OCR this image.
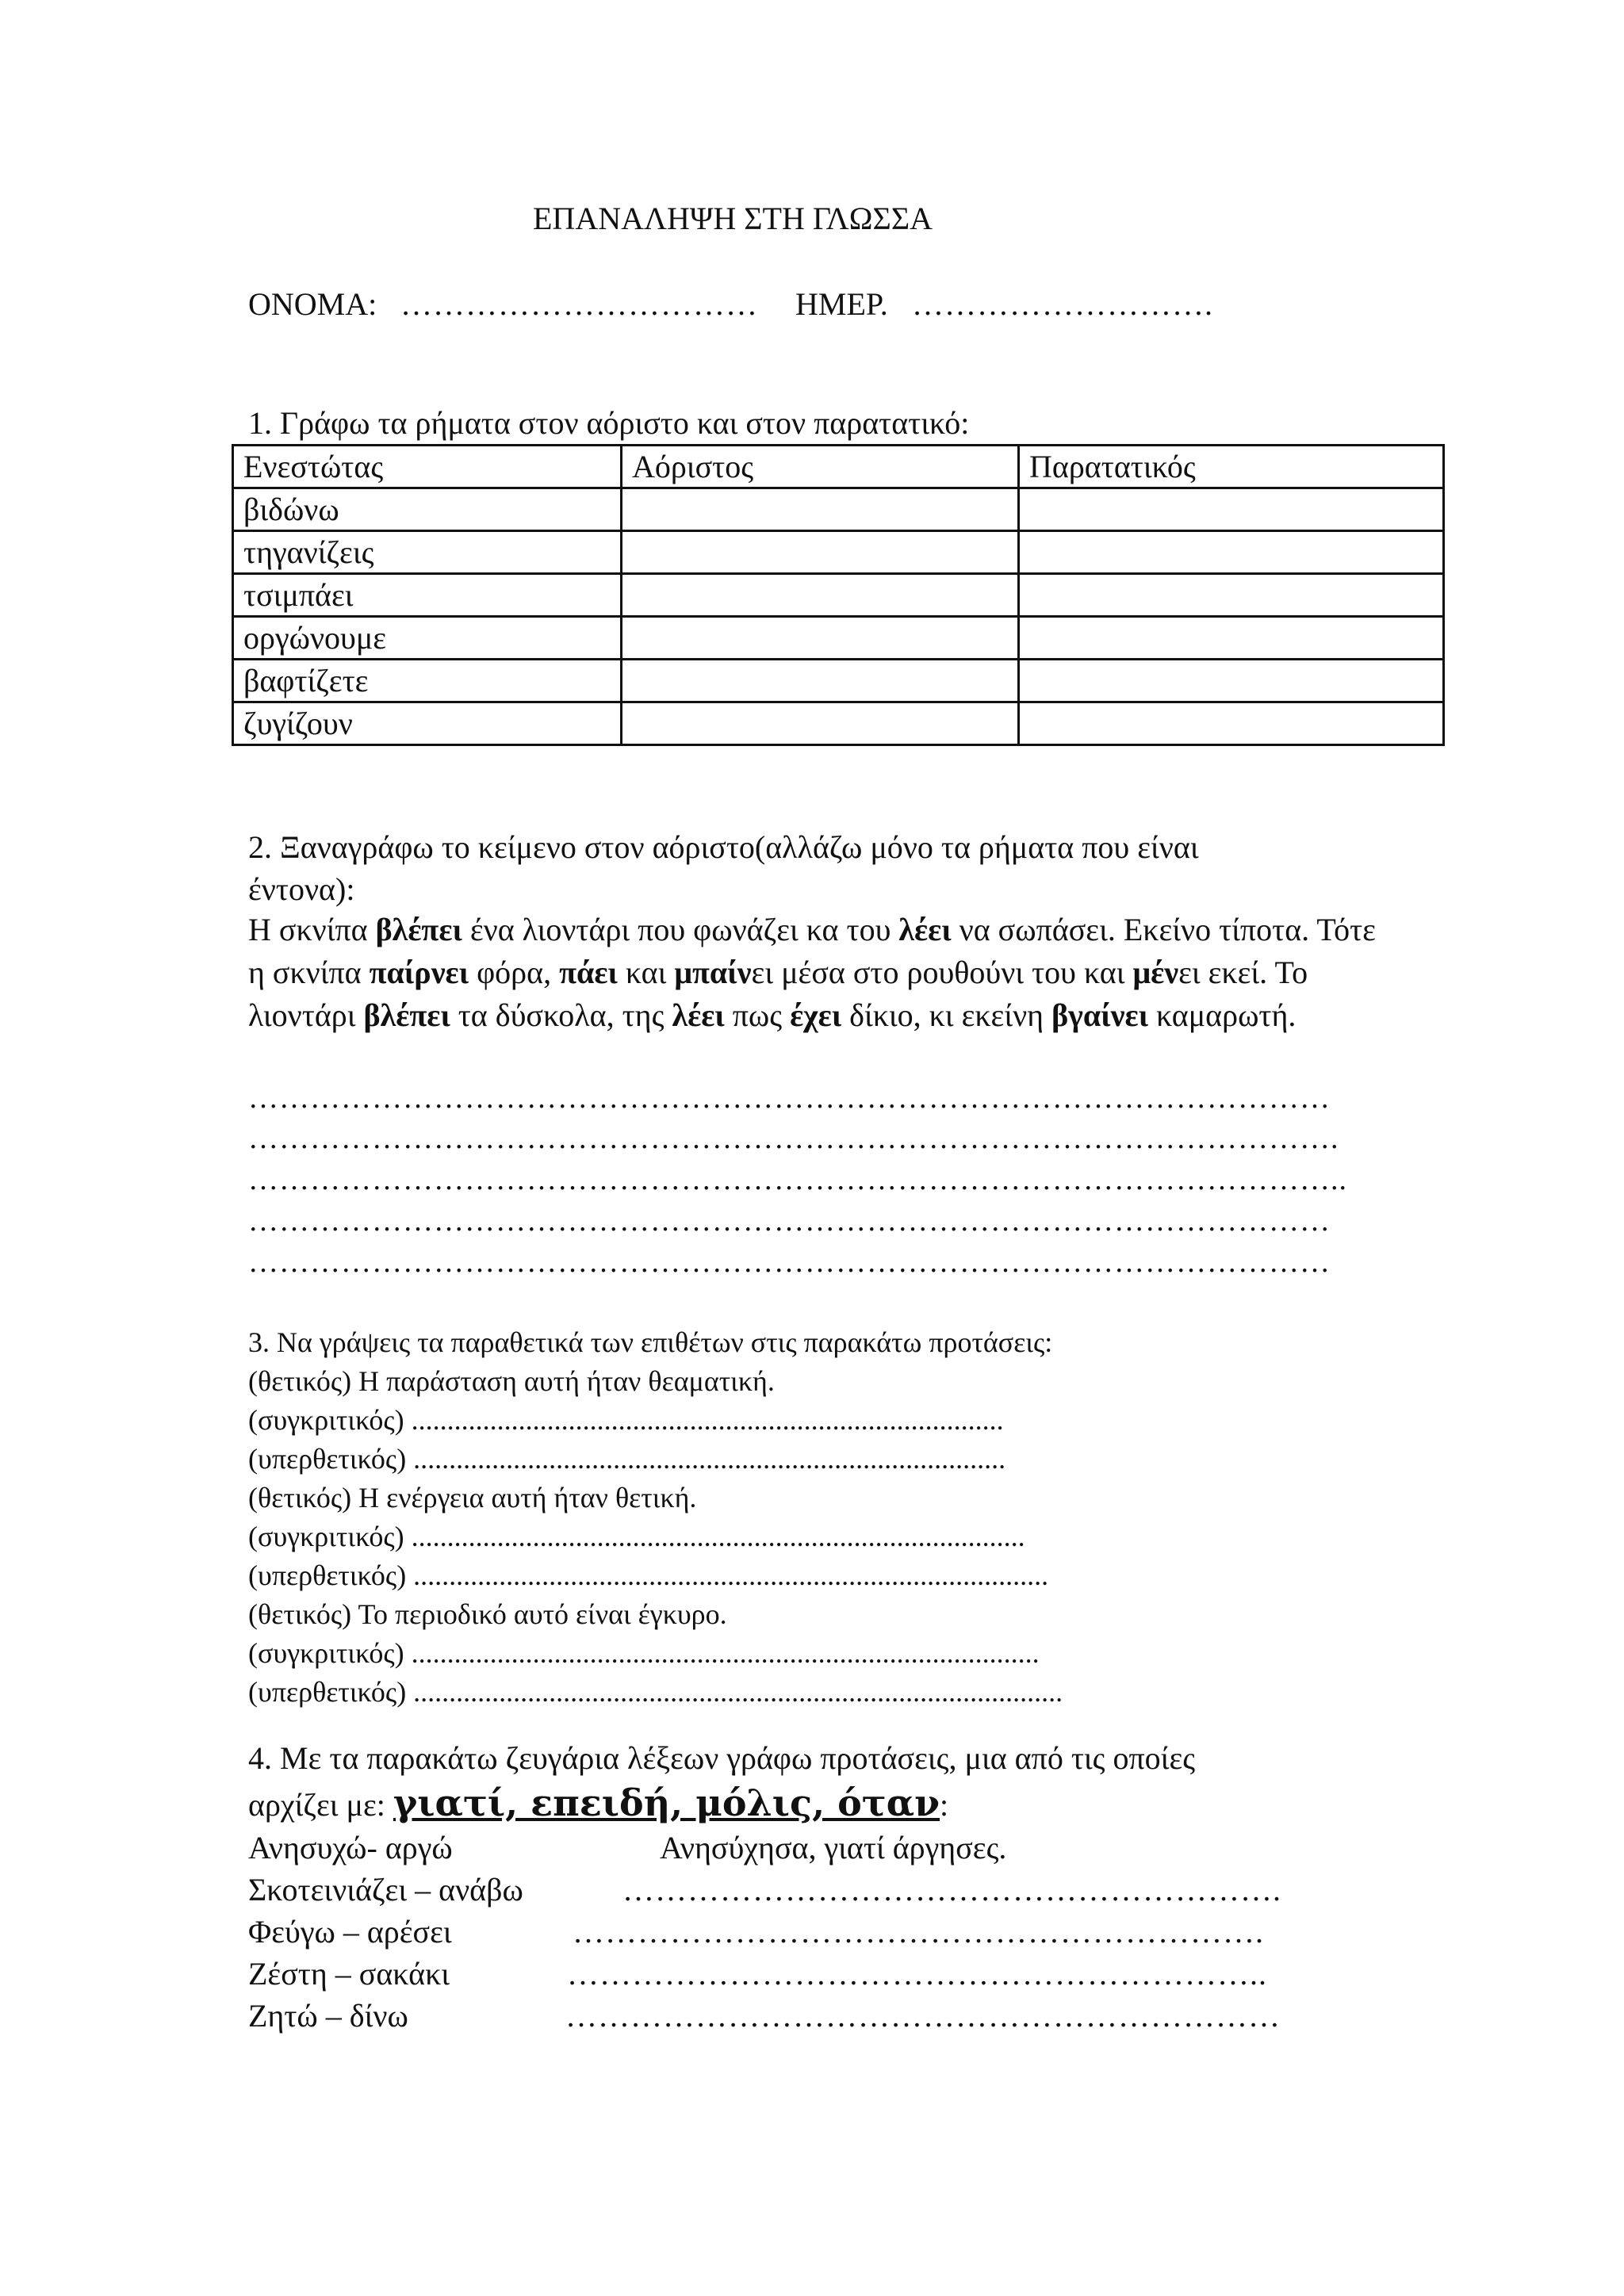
ΕΠΑΝΑΛΗΨΗ ΣΤΗ ΓΛΩΣΣΑ
ΟΝΟΜΑ: …………………………… ΗΜΕΡ. ……………………….
1. Γράφω τα ρήματα στον αόριστο και στον παρατατικό:
Ενεστώτας	Αόριστος	Παρατατικός
βιδώνω		
τηγανίζεις		
τσιμπάει		
οργώνουμε		
βαφτίζετε		
ζυγίζουν		
2. Ξαναγράφω το κείμενο στον αόριστο(αλλάζω μόνο τα ρήματα που είναι
έντονα):
Η σκνίπα βλέπει ένα λιοντάρι που φωνάζει κα του λέει να σωπάσει. Εκείνο τίποτα. Τότε η σκνίπα παίρνει φόρα, πάει και μπαίνει μέσα στο ρουθούνι του και μένει εκεί. Το λιοντάρι βλέπει τα δύσκολα, της λέει πως έχει δίκιο, κι εκείνη βγαίνει καμαρωτή.
……………………………………………………………………………………………
…………………………………………………………………………………………….
……………………………………………………………………………………………..
……………………………………………………………………………………………
……………………………………………………………………………………………
3. Να γράψεις τα παραθετικά των επιθέτων στις παρακάτω προτάσεις:
(θετικός) Η παράσταση αυτή ήταν θεαματική.
(συγκριτικός) ...................................................................................
(υπερθετικός) ...................................................................................
(θετικός) Η ενέργεια αυτή ήταν θετική.
(συγκριτικός) ......................................................................................
(υπερθετικός) .........................................................................................
(θετικός) Το περιοδικό αυτό είναι έγκυρο.
(συγκριτικός) ........................................................................................
(υπερθετικός) ...........................................................................................
4. Με τα παρακάτω ζευγάρια λέξεων γράφω προτάσεις, μια από τις οποίες
αρχίζει με: γιατί, επειδή, μόλις, όταν:
Ανησυχώ- αργώ	Ανησύχησα, γιατί άργησες.
Σκοτεινιάζει – ανάβω	…………………………………………………….
Φεύγω – αρέσει	……………………………………………………….
Ζέστη – σακάκι	………………………………………………………..
Ζητώ – δίνω	…………………………………………………………
